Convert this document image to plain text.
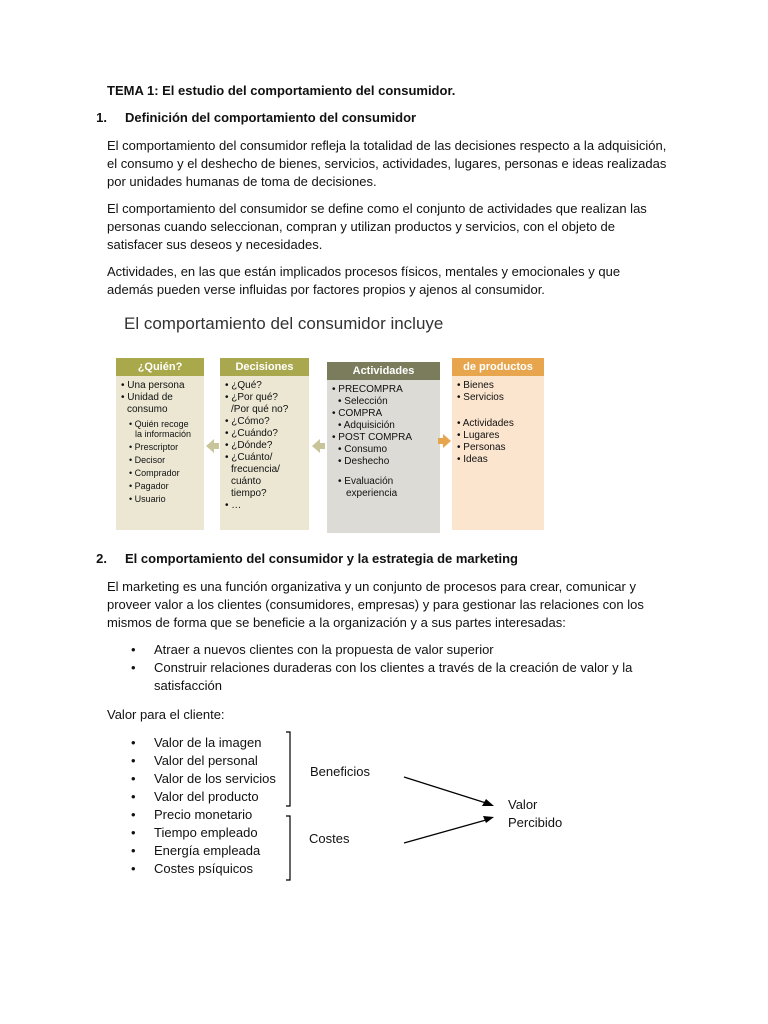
TEMA 1: El estudio del comportamiento del consumidor.

1. Definición del comportamiento del consumidor

El comportamiento del consumidor refleja la totalidad de las decisiones respecto a la adquisición, el consumo y el deshecho de bienes, servicios, actividades, lugares, personas e ideas realizadas por unidades humanas de toma de decisiones.

El comportamiento del consumidor se define como el conjunto de actividades que realizan las personas cuando seleccionan, compran y utilizan productos y servicios, con el objeto de satisfacer sus deseos y necesidades.

Actividades, en las que están implicados procesos físicos, mentales y emocionales y que además pueden verse influidas por factores propios y ajenos al consumidor.

2. El comportamiento del consumidor y la estrategia de marketing

El marketing es una función organizativa y un conjunto de procesos para crear, comunicar y proveer valor a los clientes (consumidores, empresas) y para gestionar las relaciones con los mismos de forma que se beneficie a la organización y a sus partes interesadas:

• Atraer a nuevos clientes con la propuesta de valor superior
• Construir relaciones duraderas con los clientes a través de la creación de valor y la satisfacción

Valor para el cliente:

• Valor de la imagen
• Valor del personal
• Valor de los servicios
• Valor del producto
• Precio monetario
• Tiempo empleado
• Energía empleada
• Costes psíquicos
Beneficios
Costes
Valor
Percibido
El comportamiento del consumidor incluye
¿Quién?
• Una persona
• Unidad de
consumo
• Quién recoge
la información
• Prescriptor
• Decisor
• Comprador
• Pagador
• Usuario
Decisiones
• ¿Qué?
• ¿Por qué?
/Por qué no?
• ¿Cómo?
• ¿Cuándo?
• ¿Dónde?
• ¿Cuánto/
frecuencia/
cuánto
tiempo?
• …
Actividades
• PRECOMPRA
• Selección
• COMPRA
• Adquisición
• POST COMPRA
• Consumo
• Deshecho
• Evaluación
experiencia
de productos
• Bienes
• Servicios
• Actividades
• Lugares
• Personas
• Ideas
